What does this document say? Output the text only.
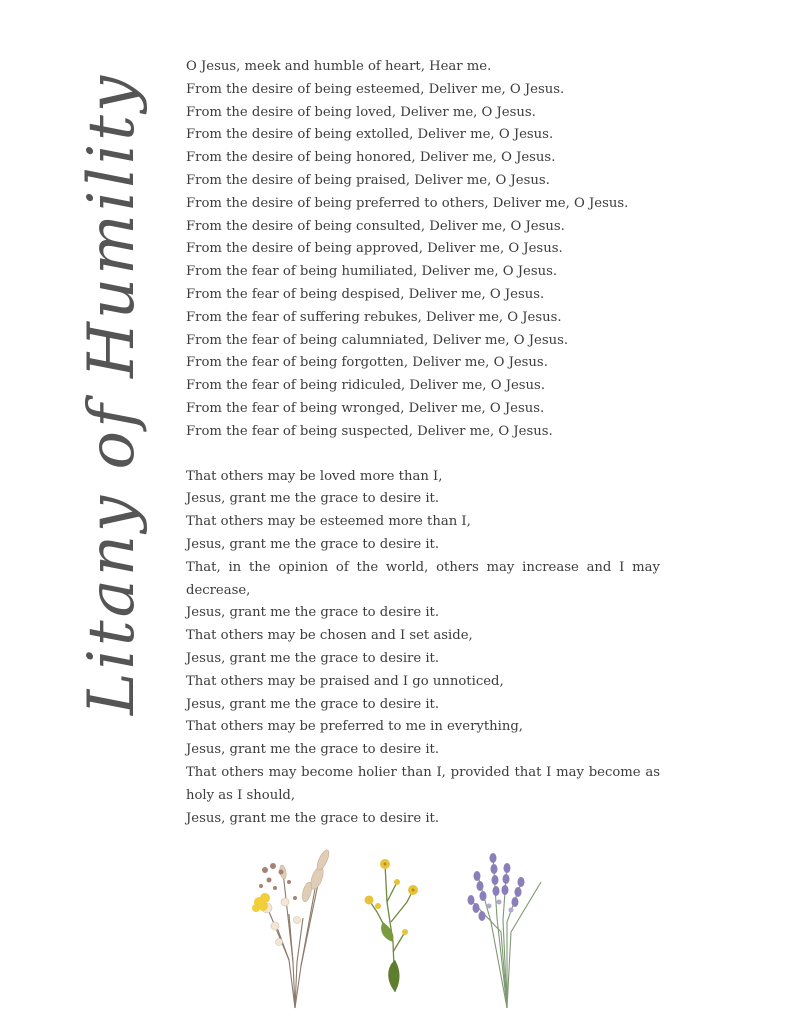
Litany of Humility

O Jesus, meek and humble of heart, Hear me.

From the desire of being esteemed, Deliver me, O Jesus.

From the desire of being loved, Deliver me, O Jesus.

From the desire of being extolled, Deliver me, O Jesus.

From the desire of being honored, Deliver me, O Jesus.

From the desire of being praised, Deliver me, O Jesus.

From the desire of being preferred to others, Deliver me, O Jesus.

From the desire of being consulted, Deliver me, O Jesus.

From the desire of being approved, Deliver me, O Jesus.

From the fear of being humiliated, Deliver me, O Jesus.

From the fear of being despised, Deliver me, O Jesus.

From the fear of suffering rebukes, Deliver me, O Jesus.

From the fear of being calumniated, Deliver me, O Jesus.

From the fear of being forgotten, Deliver me, O Jesus.

From the fear of being ridiculed, Deliver me, O Jesus.

From the fear of being wronged, Deliver me, O Jesus.

From the fear of being suspected, Deliver me, O Jesus.

That others may be loved more than I,

Jesus, grant me the grace to desire it.

That others may be esteemed more than I,

Jesus, grant me the grace to desire it.

That, in the opinion of the world, others may increase and I may decrease,

Jesus, grant me the grace to desire it.

That others may be chosen and I set aside,

Jesus, grant me the grace to desire it.

That others may be praised and I go unnoticed,

Jesus, grant me the grace to desire it.

That others may be preferred to me in everything,

Jesus, grant me the grace to desire it.

That others may become holier than I, provided that I may become as holy as I should,

Jesus, grant me the grace to desire it.
